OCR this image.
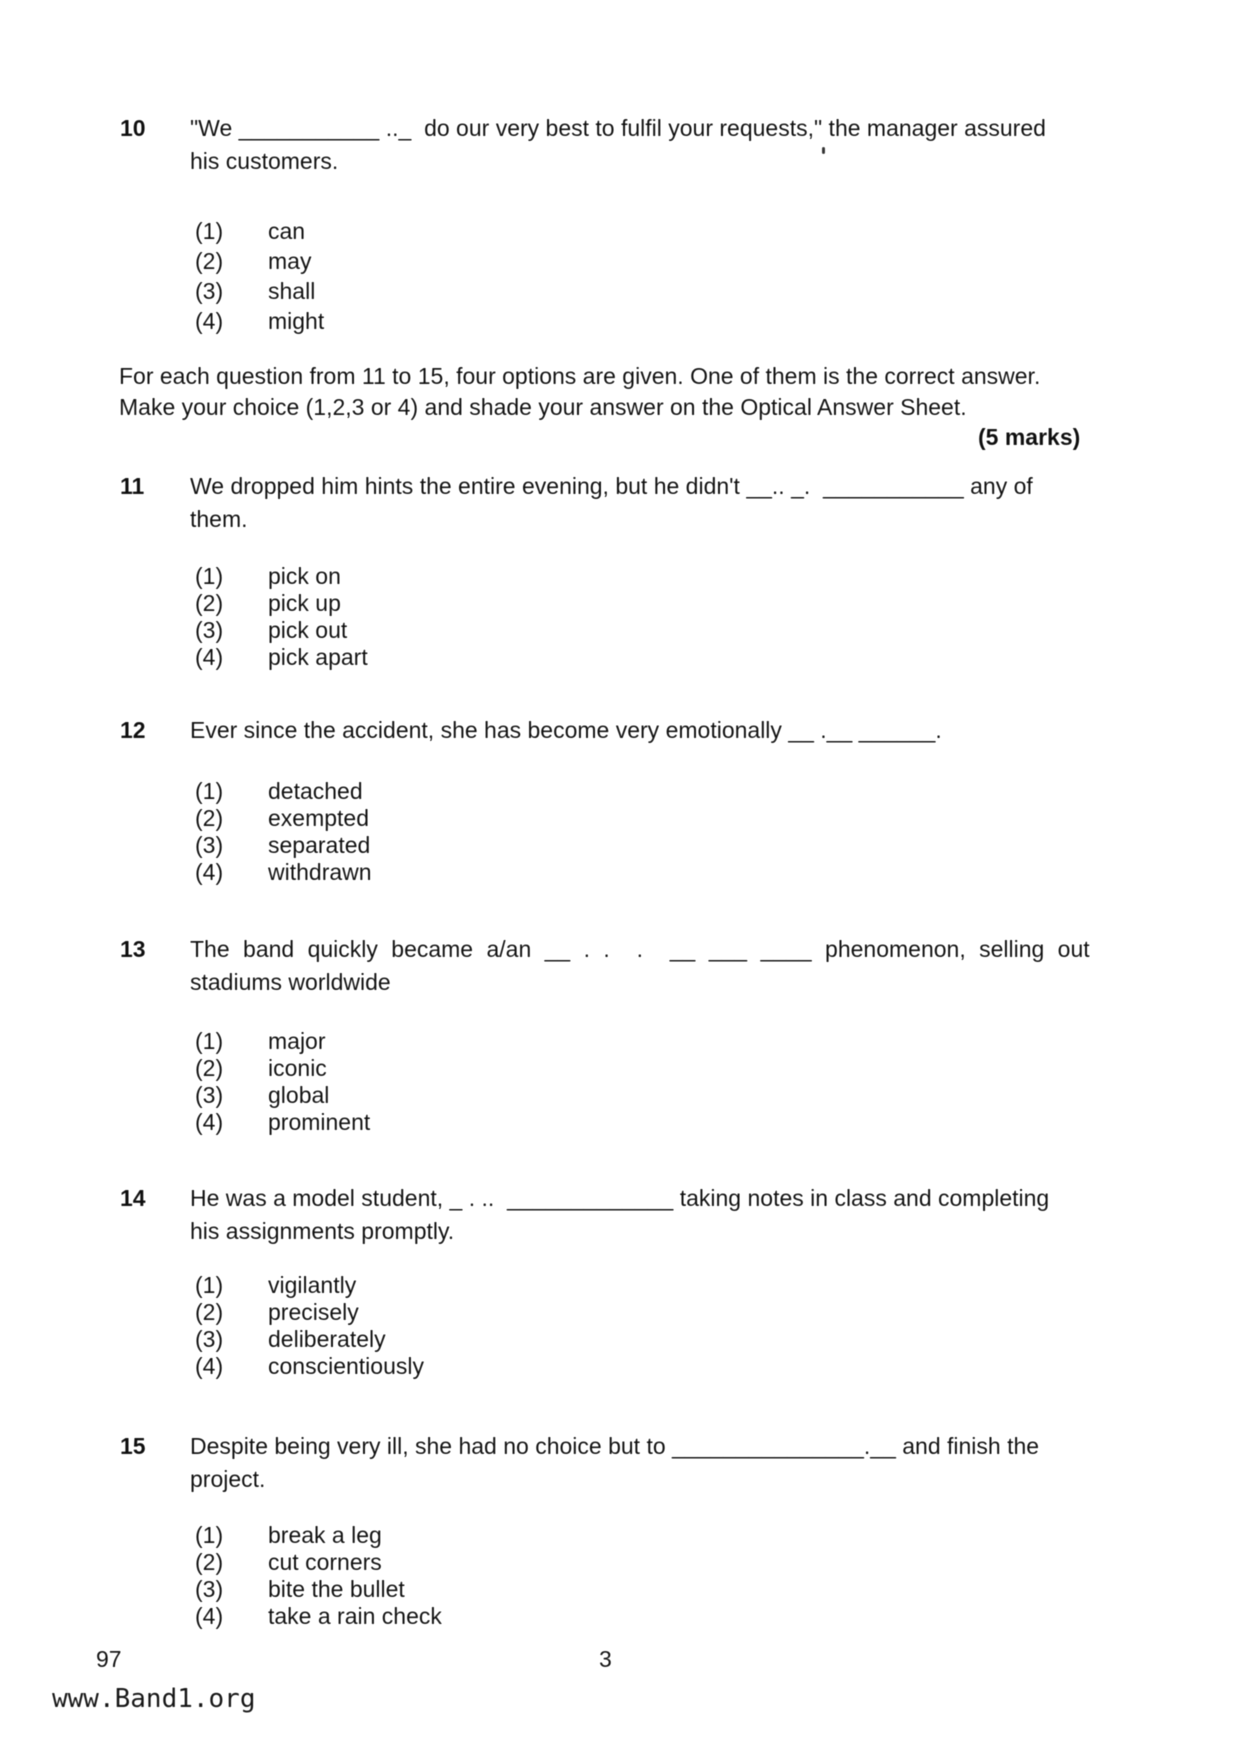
10	"We ___________ .._  do our very best to fulfil your requests," the manager assured
his customers.
(1) can
(2) may
(3) shall
(4) might
For each question from 11 to 15, four options are given. One of them is the correct answer.
Make your choice (1,2,3 or 4) and shade your answer on the Optical Answer Sheet.
(5 marks)
11	We dropped him hints the entire evening, but he didn't __.. _.  ___________ any of
them.
(1) pick on
(2) pick up
(3) pick out
(4) pick apart
12	Ever since the accident, she has become very emotionally __ .__ ______.
(1) detached
(2) exempted
(3) separated
(4) withdrawn
13	The band quickly became a/an __ . .  .  __ ___ ____ phenomenon, selling out
stadiums worldwide
(1) major
(2) iconic
(3) global
(4) prominent
14	He was a model student, _ . ..  _____________ taking notes in class and completing
his assignments promptly.
(1) vigilantly
(2) precisely
(3) deliberately
(4) conscientiously
15	Despite being very ill, she had no choice but to _______________.__ and finish the
project.
(1) break a leg
(2) cut corners
(3) bite the bullet
(4) take a rain check
97	3
www.Band1.org
